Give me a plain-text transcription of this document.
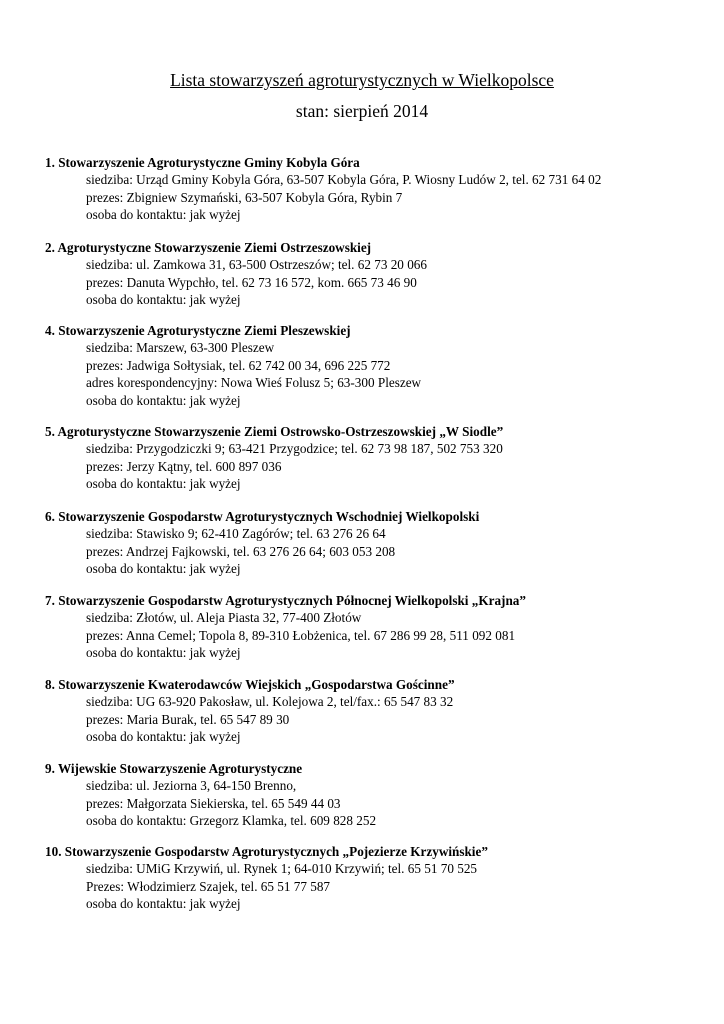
Lista stowarzyszeń agroturystycznych w Wielkopolsce
stan: sierpień 2014
1. Stowarzyszenie Agroturystyczne Gminy Kobyla Góra
siedziba: Urząd Gminy Kobyla Góra, 63-507 Kobyla Góra, P. Wiosny Ludów 2, tel. 62 731 64 02
prezes: Zbigniew Szymański, 63-507 Kobyla Góra, Rybin 7
osoba do kontaktu: jak wyżej
2. Agroturystyczne Stowarzyszenie Ziemi Ostrzeszowskiej
siedziba: ul. Zamkowa 31, 63-500 Ostrzeszów; tel. 62 73 20 066
prezes: Danuta Wypchło, tel. 62 73 16 572, kom. 665 73 46 90
osoba do kontaktu: jak wyżej
4. Stowarzyszenie Agroturystyczne Ziemi Pleszewskiej
siedziba: Marszew, 63-300 Pleszew
prezes: Jadwiga Sołtysiak, tel. 62 742 00 34, 696 225 772
adres korespondencyjny: Nowa Wieś Folusz 5; 63-300 Pleszew
osoba do kontaktu: jak wyżej
5. Agroturystyczne Stowarzyszenie Ziemi Ostrowsko-Ostrzeszowskiej „W Siodle”
siedziba: Przygodziczki 9; 63-421 Przygodzice; tel. 62 73 98 187, 502 753 320
prezes: Jerzy Kątny, tel. 600 897 036
osoba do kontaktu: jak wyżej
6. Stowarzyszenie Gospodarstw Agroturystycznych Wschodniej Wielkopolski
siedziba: Stawisko 9; 62-410 Zagórów; tel. 63 276 26 64
prezes: Andrzej Fajkowski, tel. 63 276 26 64; 603 053 208
osoba do kontaktu: jak wyżej
7. Stowarzyszenie Gospodarstw Agroturystycznych Północnej Wielkopolski „Krajna”
siedziba: Złotów, ul. Aleja Piasta 32, 77-400 Złotów
prezes: Anna Cemel; Topola 8, 89-310 Łobżenica, tel. 67 286 99 28, 511 092 081
osoba do kontaktu: jak wyżej
8. Stowarzyszenie Kwaterodawców Wiejskich „Gospodarstwa Gościnne”
siedziba: UG 63-920 Pakosław, ul. Kolejowa 2, tel/fax.: 65 547 83 32
prezes: Maria Burak, tel. 65 547 89 30
osoba do kontaktu: jak wyżej
9. Wijewskie Stowarzyszenie Agroturystyczne
siedziba: ul. Jeziorna 3, 64-150 Brenno,
prezes: Małgorzata Siekierska, tel. 65 549 44 03
osoba do kontaktu: Grzegorz Klamka, tel. 609 828 252
10. Stowarzyszenie Gospodarstw Agroturystycznych „Pojezierze Krzywińskie”
siedziba: UMiG Krzywiń, ul. Rynek 1; 64-010 Krzywiń; tel. 65 51 70 525
Prezes: Włodzimierz Szajek, tel. 65 51 77 587
osoba do kontaktu: jak wyżej
